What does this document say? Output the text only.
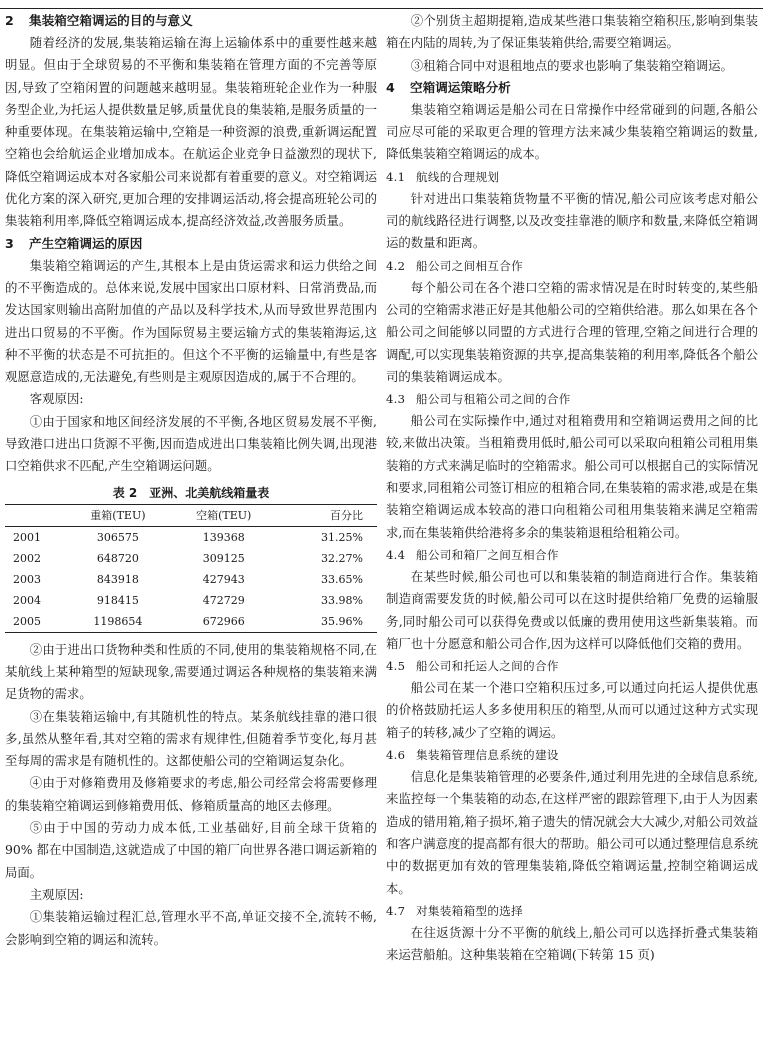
2 集装箱空箱调运的目的与意义

随着经济的发展,集装箱运输在海上运输体系中的重要性越来越明显。但由于全球贸易的不平衡和集装箱在管理方面的不完善等原因,导致了空箱闲置的问题越来越明显。集装箱班轮企业作为一种服务型企业,为托运人提供数量足够,质量优良的集装箱,是服务质量的一种重要体现。在集装箱运输中,空箱是一种资源的浪费,重新调运配置空箱也会给航运企业增加成本。在航运企业竞争日益激烈的现状下,降低空箱调运成本对各家船公司来说都有着重要的意义。对空箱调运优化方案的深入研究,更加合理的安排调运活动,将会提高班轮公司的集装箱利用率,降低空箱调运成本,提高经济效益,改善服务质量。

3 产生空箱调运的原因

集装箱空箱调运的产生,其根本上是由货运需求和运力供给之间的不平衡造成的。总体来说,发展中国家出口原材料、日常消费品,而发达国家则输出高附加值的产品以及科学技术,从而导致世界范围内进出口贸易的不平衡。作为国际贸易主要运输方式的集装箱海运,这种不平衡的状态是不可抗拒的。但这个不平衡的运输量中,有些是客观愿意造成的,无法避免,有些则是主观原因造成的,属于不合理的。

客观原因:

①由于国家和地区间经济发展的不平衡,各地区贸易发展不平衡,导致港口进出口货源不平衡,因而造成进出口集装箱比例失调,出现港口空箱供求不匹配,产生空箱调运问题。

表 2　亚洲、北美航线箱量表
	重箱(TEU)	空箱(TEU)	百分比
2001	306575	139368	31.25%
2002	648720	309125	32.27%
2003	843918	427943	33.65%
2004	918415	472729	33.98%
2005	1198654	672966	35.96%

②由于进出口货物种类和性质的不同,使用的集装箱规格不同,在某航线上某种箱型的短缺现象,需要通过调运各种规格的集装箱来满足货物的需求。

③在集装箱运输中,有其随机性的特点。某条航线挂靠的港口很多,虽然从整年看,其对空箱的需求有规律性,但随着季节变化,每月甚至每周的需求是有随机性的。这都使船公司的空箱调运复杂化。

④由于对修箱费用及修箱要求的考虑,船公司经常会将需要修理的集装箱空箱调运到修箱费用低、修箱质量高的地区去修理。

⑤由于中国的劳动力成本低,工业基础好,目前全球干货箱的 90% 都在中国制造,这就造成了中国的箱厂向世界各港口调运新箱的局面。

主观原因:

①集装箱运输过程汇总,管理水平不高,单证交接不全,流转不畅,会影响到空箱的调运和流转。

②个别货主超期提箱,造成某些港口集装箱空箱积压,影响到集装箱在内陆的周转,为了保证集装箱供给,需要空箱调运。

③租箱合同中对退租地点的要求也影响了集装箱空箱调运。

4 空箱调运策略分析

集装箱空箱调运是船公司在日常操作中经常碰到的问题,各船公司应尽可能的采取更合理的管理方法来减少集装箱空箱调运的数量,降低集装箱空箱调运的成本。

4.1 航线的合理规划

针对进出口集装箱货物量不平衡的情况,船公司应该考虑对船公司的航线路径进行调整,以及改变挂靠港的顺序和数量,来降低空箱调运的数量和距离。

4.2 船公司之间相互合作

每个船公司在各个港口空箱的需求情况是在时时转变的,某些船公司的空箱需求港正好是其他船公司的空箱供给港。那么如果在各个船公司之间能够以同盟的方式进行合理的管理,空箱之间进行合理的调配,可以实现集装箱资源的共享,提高集装箱的利用率,降低各个船公司的集装箱调运成本。

4.3 船公司与租箱公司之间的合作

船公司在实际操作中,通过对租箱费用和空箱调运费用之间的比较,来做出决策。当租箱费用低时,船公司可以采取向租箱公司租用集装箱的方式来满足临时的空箱需求。船公司可以根据自己的实际情况和要求,同租箱公司签订相应的租箱合同,在集装箱的需求港,或是在集装箱空箱调运成本较高的港口向租箱公司租用集装箱来满足空箱需求,而在集装箱供给港将多余的集装箱退租给租箱公司。

4.4 船公司和箱厂之间互相合作

在某些时候,船公司也可以和集装箱的制造商进行合作。集装箱制造商需要发货的时候,船公司可以在这时提供给箱厂免费的运输服务,同时船公司可以获得免费或以低廉的费用使用这些新集装箱。而箱厂也十分愿意和船公司合作,因为这样可以降低他们交箱的费用。

4.5 船公司和托运人之间的合作

船公司在某一个港口空箱积压过多,可以通过向托运人提供优惠的价格鼓励托运人多多使用积压的箱型,从而可以通过这种方式实现箱子的转移,减少了空箱的调运。

4.6 集装箱管理信息系统的建设

信息化是集装箱管理的必要条件,通过利用先进的全球信息系统,来监控每一个集装箱的动态,在这样严密的跟踪管理下,由于人为因素造成的错用箱,箱子损坏,箱子遗失的情况就会大大减少,对船公司效益和客户满意度的提高都有很大的帮助。船公司可以通过整理信息系统中的数据更加有效的管理集装箱,降低空箱调运量,控制空箱调运成本。

4.7 对集装箱箱型的选择

在往返货源十分不平衡的航线上,船公司可以选择折叠式集装箱来运营船舶。这种集装箱在空箱调(下转第 15 页)
